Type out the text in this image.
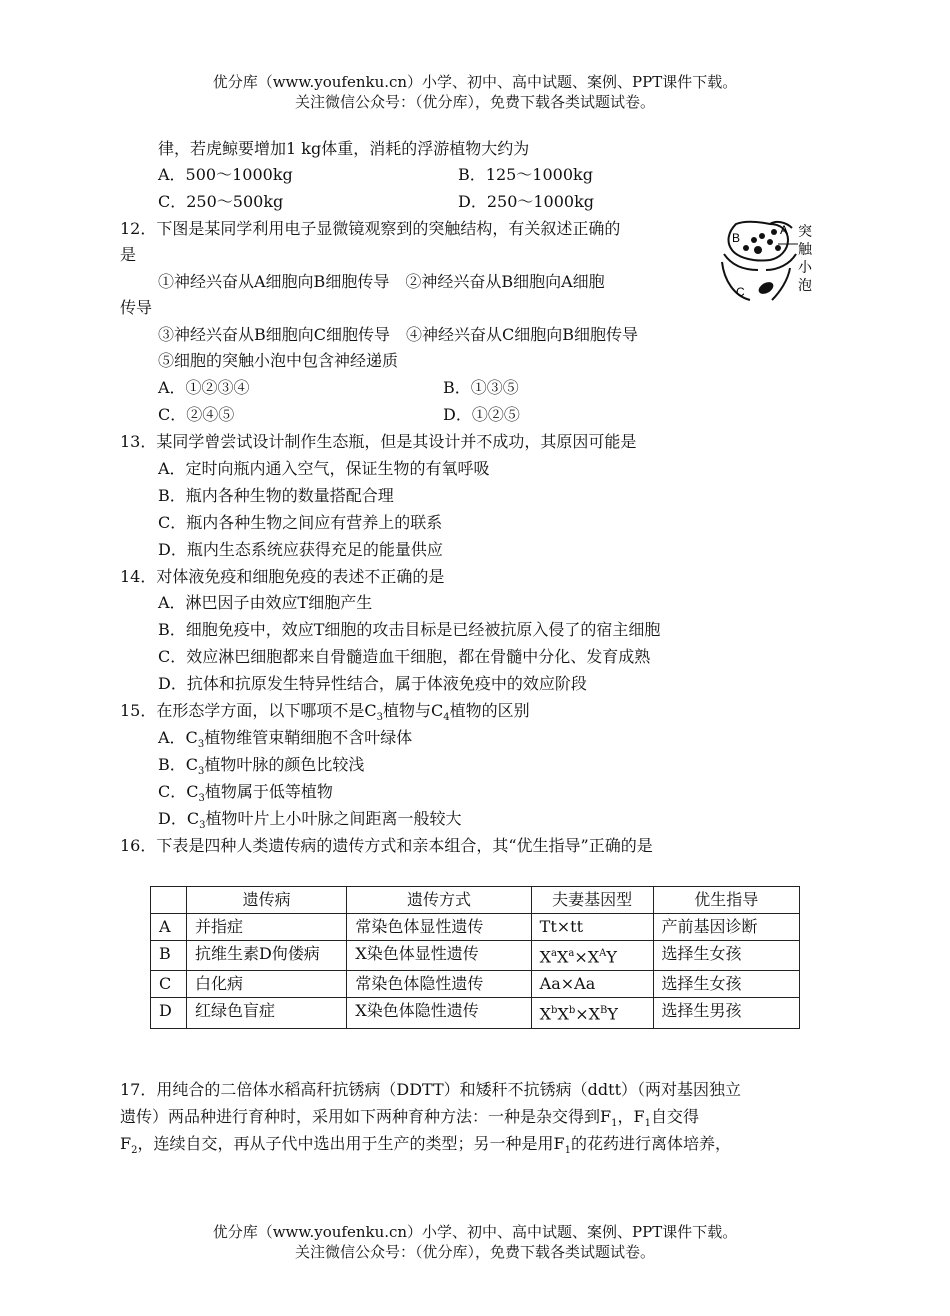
优分库（www.youfenku.cn）小学、初中、高中试题、案例、PPT课件下载。
关注微信公众号：（优分库），免费下载各类试题试卷。
律，若虎鲸要增加1 kg体重，消耗的浮游植物大约为
A．500～1000kg	B．125～1000kg
C．250～500kg	D．250～1000kg
12．下图是某同学利用电子显微镜观察到的突触结构，有关叙述正确的
是
①神经兴奋从A细胞向B细胞传导　②神经兴奋从B细胞向A细胞
传导
③神经兴奋从B细胞向C细胞传导　④神经兴奋从C细胞向B细胞传导
⑤细胞的突触小泡中包含神经递质
A．①②③④	B．①③⑤
C．②④⑤	D．①②⑤
B
A
C
突
触
小
泡
13．某同学曾尝试设计制作生态瓶，但是其设计并不成功，其原因可能是
A．定时向瓶内通入空气，保证生物的有氧呼吸
B．瓶内各种生物的数量搭配合理
C．瓶内各种生物之间应有营养上的联系
D．瓶内生态系统应获得充足的能量供应
14．对体液免疫和细胞免疫的表述不正确的是
A．淋巴因子由效应T细胞产生
B．细胞免疫中，效应T细胞的攻击目标是已经被抗原入侵了的宿主细胞
C．效应淋巴细胞都来自骨髓造血干细胞，都在骨髓中分化、发育成熟
D．抗体和抗原发生特异性结合，属于体液免疫中的效应阶段
15．在形态学方面，以下哪项不是$C_3$植物与$C_4$植物的区别
A．$C_3$植物维管束鞘细胞不含叶绿体
B．$C_3$植物叶脉的颜色比较浅
C．$C_3$植物属于低等植物
D．$C_3$植物叶片上小叶脉之间距离一般较大
16．下表是四种人类遗传病的遗传方式和亲本组合，其“优生指导”正确的是
	遗传病	遗传方式	夫妻基因型	优生指导
A	并指症	常染色体显性遗传	Tt×tt	产前基因诊断
B	抗维生素D佝偻病	X染色体显性遗传	$X^aX^a\times X^AY$	选择生女孩
C	白化病	常染色体隐性遗传	Aa×Aa	选择生女孩
D	红绿色盲症	X染色体隐性遗传	$X^bX^b\times X^BY$	选择生男孩
17．用纯合的二倍体水稻高秆抗锈病（DDTT）和矮秆不抗锈病（ddtt）（两对基因独立
遗传）两品种进行育种时，采用如下两种育种方法：一种是杂交得到$F_1$，$F_1$自交得
$F_2$，连续自交，再从子代中选出用于生产的类型；另一种是用$F_1$的花药进行离体培养，
优分库（www.youfenku.cn）小学、初中、高中试题、案例、PPT课件下载。
关注微信公众号：（优分库），免费下载各类试题试卷。
